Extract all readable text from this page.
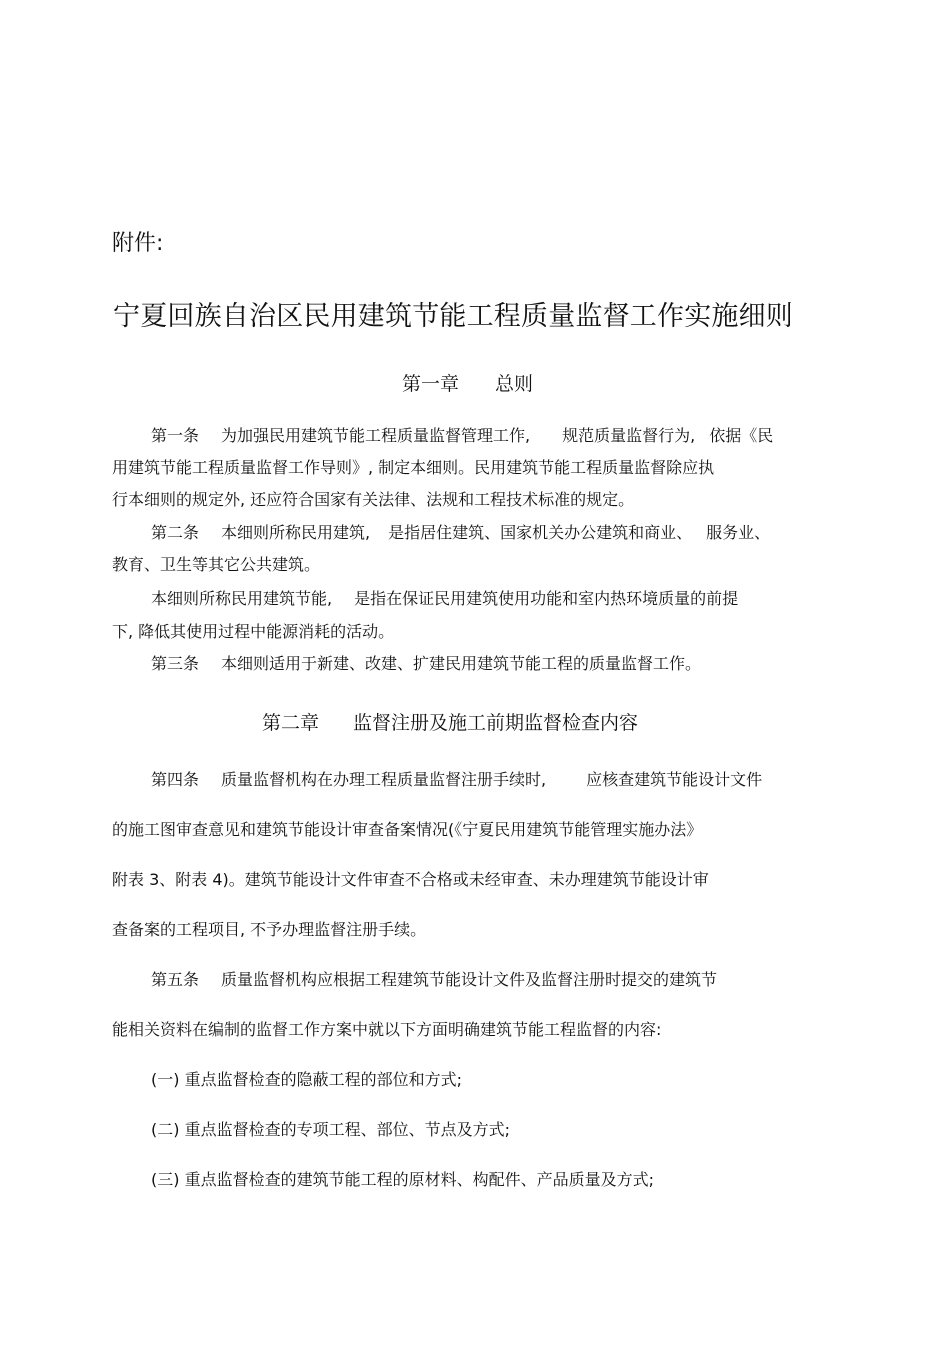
附件:
宁夏回族自治区民用建筑节能工程质量监督工作实施细则
第一章 总则
第一条 为加强民用建筑节能工程质量监督管理工作, 规范质量监督行为, 依据《民
用建筑节能工程质量监督工作导则》, 制定本细则。民用建筑节能工程质量监督除应执
行本细则的规定外, 还应符合国家有关法律、法规和工程技术标准的规定。
第二条 本细则所称民用建筑, 是指居住建筑、国家机关办公建筑和商业、 服务业、
教育、卫生等其它公共建筑。
本细则所称民用建筑节能, 是指在保证民用建筑使用功能和室内热环境质量的前提
下, 降低其使用过程中能源消耗的活动。
第三条 本细则适用于新建、改建、扩建民用建筑节能工程的质量监督工作。
第二章 监督注册及施工前期监督检查内容
第四条 质量监督机构在办理工程质量监督注册手续时,	应核查建筑节能设计文件
的施工图审查意见和建筑节能设计审查备案情况(《宁夏民用建筑节能管理实施办法》
附表 3、附表 4)。建筑节能设计文件审查不合格或未经审查、未办理建筑节能设计审
查备案的工程项目, 不予办理监督注册手续。
第五条 质量监督机构应根据工程建筑节能设计文件及监督注册时提交的建筑节
能相关资料在编制的监督工作方案中就以下方面明确建筑节能工程监督的内容:
(一) 重点监督检查的隐蔽工程的部位和方式;
(二) 重点监督检查的专项工程、部位、节点及方式;
(三) 重点监督检查的建筑节能工程的原材料、构配件、产品质量及方式;
